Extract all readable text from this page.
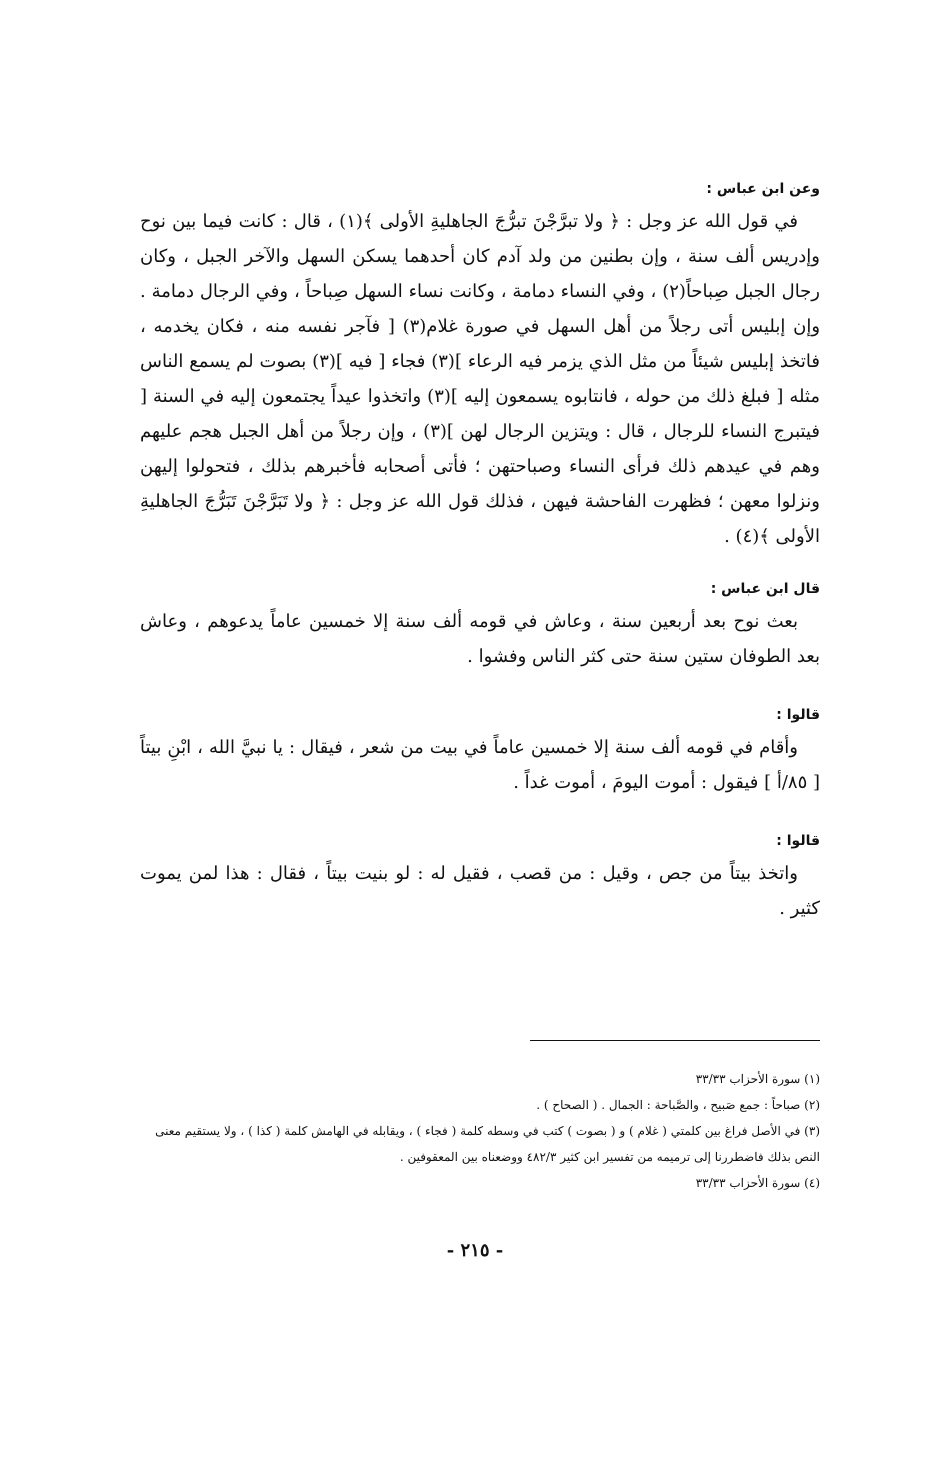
وعن ابن عباس :

في قول الله عز وجل : ﴿ ولا تبرَّجْنَ تبرُّجَ الجاهليةِ الأولى ﴾(١) ، قال : كانت فيما بين نوح وإدريس ألف سنة ، وإن بطنين من ولد آدم كان أحدهما يسكن السهل والآخر الجبل ، وكان رجال الجبل صِباحاً(٢) ، وفي النساء دمامة ، وكانت نساء السهل صِباحاً ، وفي الرجال دمامة . وإن إبليس أتى رجلاً من أهل السهل في صورة غلام(٣) [ فآجر نفسه منه ، فكان يخدمه ، فاتخذ إبليس شيئاً من مثل الذي يزمر فيه الرعاء ](٣) فجاء [ فيه ](٣) بصوت لم يسمع الناس مثله [ فبلغ ذلك من حوله ، فانتابوه يسمعون إليه ](٣) واتخذوا عيداً يجتمعون إليه في السنة [ فيتبرج النساء للرجال ، قال : ويتزين الرجال لهن ](٣) ، وإن رجلاً من أهل الجبل هجم عليهم وهم في عيدهم ذلك فرأى النساء وصباحتهن ؛ فأتى أصحابه فأخبرهم بذلك ، فتحولوا إليهن ونزلوا معهن ؛ فظهرت الفاحشة فيهن ، فذلك قول الله عز وجل : ﴿ ولا تَبَرَّجْنَ تَبَرُّجَ الجاهليةِ الأولى ﴾(٤) .

قال ابن عباس :

بعث نوح بعد أربعين سنة ، وعاش في قومه ألف سنة إلا خمسين عاماً يدعوهم ، وعاش بعد الطوفان ستين سنة حتى كثر الناس وفشوا .

قالوا :

وأقام في قومه ألف سنة إلا خمسين عاماً في بيت من شعر ، فيقال : يا نبيَّ الله ، ابْنِ بيتاً [ ٨٥/أ ] فيقول : أموت اليومَ ، أموت غداً .

قالوا :

واتخذ بيتاً من جص ، وقيل : من قصب ، فقيل له : لو بنيت بيتاً ، فقال : هذا لمن يموت كثير .

(١) سورة الأحزاب ٣٣/٣٣
(٢) صباحاً : جمع صَبيح ، والصَّباحة : الجمال . ( الصحاح ) .
(٣) في الأصل فراغ بين كلمتي ( غلام ) و ( بصوت ) كتب في وسطه كلمة ( فجاء ) ، ويقابله في الهامش كلمة ( كذا ) ، ولا يستقيم معنى النص بذلك فاضطررنا إلى ترميمه من تفسير ابن كثير ٤٨٢/٣ ووضعناه بين المعقوفين .
(٤) سورة الأحزاب ٣٣/٣٣
- ٢١٥ -
